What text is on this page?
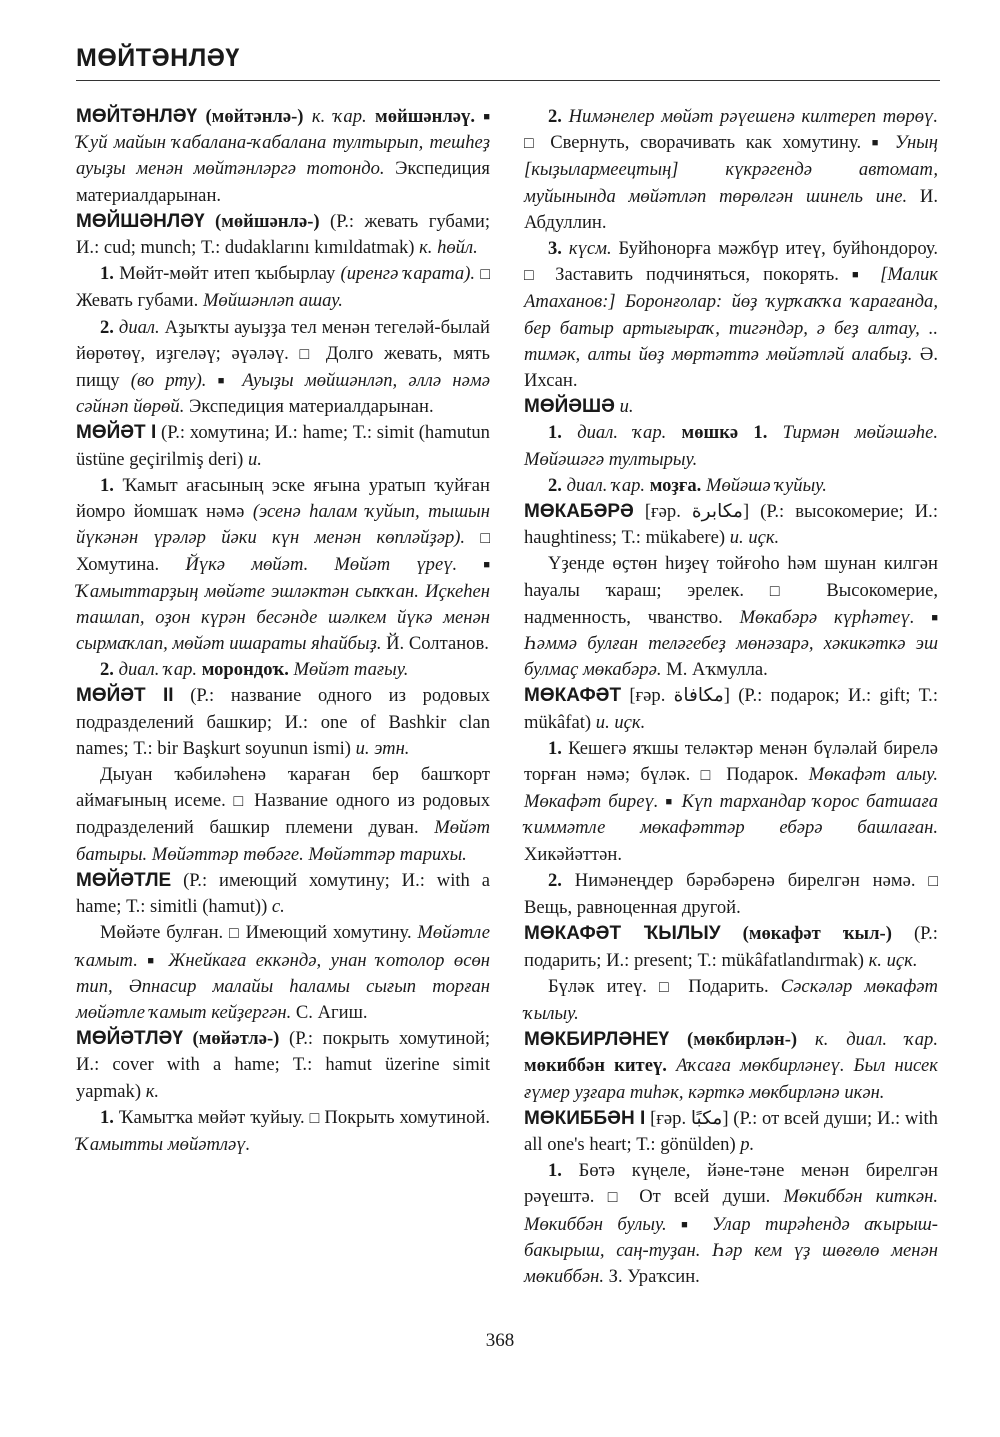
МӨЙТӘНЛӘҮ

МӨЙТӘНЛӘҮ (мөйтәнлә-) к. ҡар. мөйшәнләү. ■ Ҡуй майын ҡабалана-ҡабалана тултырып, тешһеҙ ауыҙы менән мөйтәнләргә тотондо. Экспедиция материалдарынан.

МӨЙШӘНЛӘҮ (мөйшәнлә-) (Р.: жевать губами; И.: cud; munch; Т.: dudaklarını kımıldatmak) к. һөйл.

1. Мөйт-мөйт итеп ҡыбырлау (иренгә ҡарата). □ Жевать губами. Мөйшәнләп ашау.

2. диал. Аҙыҡты ауыҙҙа тел менән тегеләй-былай йөрөтөү, иҙгеләү; әүәләү. □ Долго жевать, мять пищу (во рту). ■ Ауыҙы мөйшәнләп, әллә нәмә сәйнәп йөрөй. Экспедиция материалдарынан.

МӨЙӘТ I (Р.: хомутина; И.: hame; Т.: simit (hamutun üstüne geçirilmiş deri) и.

1. Ҡамыт ағасының эске яғына уратып ҡуйған йомро йомшаҡ нәмә (эсенә һалам ҡуйып, тышын йүкәнән үрәләр йәки күн менән көпләйҙәр). □ Хомутина. Йүкә мөйәт. Мөйәт үреү. ■ Ҡамыттарҙың мөйәте эшләктән сыҡҡан. Иҫкеһен ташлап, оҙон күрән бесәнде шәлкем йүкә менән сырмаҡлап, мөйәт ишараты яһайбыҙ. Й. Солтанов.

2. диал. ҡар. морондоҡ. Мөйәт тағыу.

МӨЙӘТ II (Р.: название одного из родовых подразделений башкир; И.: one of Bashkir clan names; Т.: bir Başkurt soyunun ismi) и. этн.

Дыуан ҡәбиләһенә ҡараған бер башҡорт аймағының исеме. □ Название одного из родовых подразделений башкир племени дуван. Мөйәт батыры. Мөйәттәр төбәге. Мөйәттәр тарихы.

МӨЙӘТЛЕ (Р.: имеющий хомутину; И.: with a hame; Т.: simitli (hamut)) с.

Мөйәте булған. □ Имеющий хомутину. Мөйәтле ҡамыт. ■ Жнейкаға еккәндә, унан ҡотолор өсөн тип, Әпнасир малайы һаламы сығып торған мөйәтле ҡамыт кейҙергән. С. Агиш.

МӨЙӘТЛӘҮ (мөйәтлә-) (Р.: покрыть хомутиной; И.: cover with a hame; Т.: hamut üzerine simit yapmak) к.

1. Ҡамытҡа мөйәт ҡуйыу. □ Покрыть хомутиной. Ҡамытты мөйәтләү.

2. Нимәнелер мөйәт рәүешенә килтереп төрөү. □ Свернуть, сворачивать как хомутину. ■ Уның [кыҙылармеецтың] күкрәгендә автомат, муйынында мөйәтләп төрөлгән шинель ине. И. Абдуллин.

3. күсм. Буйһонорға мәжбүр итеү, буйһондороу. □ Заставить подчиняться, покорять. ■ [Малик Атаханов:] Боронғолар: йөҙ ҡурҡаҡҡа ҡарағанда, бер батыр артығыраҡ, тигәндәр, ә беҙ алтау, .. тимәк, алты йөҙ мөртәттә мөйәтләй алабыҙ. Ә. Ихсан.

МӨЙӘШӘ и.

1. диал. ҡар. мөшкә 1. Тирмән мөйәшәһе. Мөйәшәгә тултырыу.

2. диал. ҡар. моҙға. Мөйәшә ҡуйыу.

МӨКАБӘРӘ [ғәр. مكابرة] (Р.: высокомерие; И.: haughtiness; Т.: mükabere) и. иҫк.

Үҙенде өҫтөн һиҙеү тойғоһо һәм шунан килгән һауалы ҡараш; эрелек. □ Высокомерие, надменность, чванство. Мөкабәрә күрһәтеү. ■ Һәммә булған теләгебеҙ мөнәзарә, хәкикәткә эш булмаҫ мөкабәрә. М. Аҡмулла.

МӨКАФӘТ [ғәр. مكافاة] (Р.: подарок; И.: gift; Т.: mükâfat) и. иҫк.

1. Кешегә яҡшы теләктәр менән бүләлай бирелә торған нәмә; бүләк. □ Подарок. Мөкафәт алыу. Мөкафәт биреү. ■ Күп тархандар ҡорос батшаға ҡиммәтле мөкафәттәр ебәрә башлаған. Хикәйәттән.

2. Нимәнеңдер бәрәбәренә бирелгән нәмә. □ Вещь, равноценная другой.

МӨКАФӘТ ҠЫЛЫУ (мөкафәт ҡыл-) (Р.: подарить; И.: present; Т.: mükâfatlandırmak) к. иҫк.

Бүләк итеү. □ Подарить. Сәскәләр мөкафәт ҡылыу.

МӨКБИРЛӘНЕҮ (мөкбирлән-) к. диал. ҡар. мөкиббән китеү. Аҡсаға мөкбирләнеү. Был нисек ғүмер уҙғара тиһәк, кәрткә мөкбирләнә икән.

МӨКИББӘН I [ғәр. مكبًا] (Р.: от всей души; И.: with all one's heart; Т.: gönülden) р.

1. Бөтә күңеле, йәне-тәне менән бирелгән рәүештә. □ От всей души. Мөкиббән киткән. Мөкиббән булыу. ■ Улар тирәһендә аҡырыш-бакырыш, саң-туҙан. Һәр кем үҙ шөғөлө менән мөкиббән. З. Ураҡсин.

368
